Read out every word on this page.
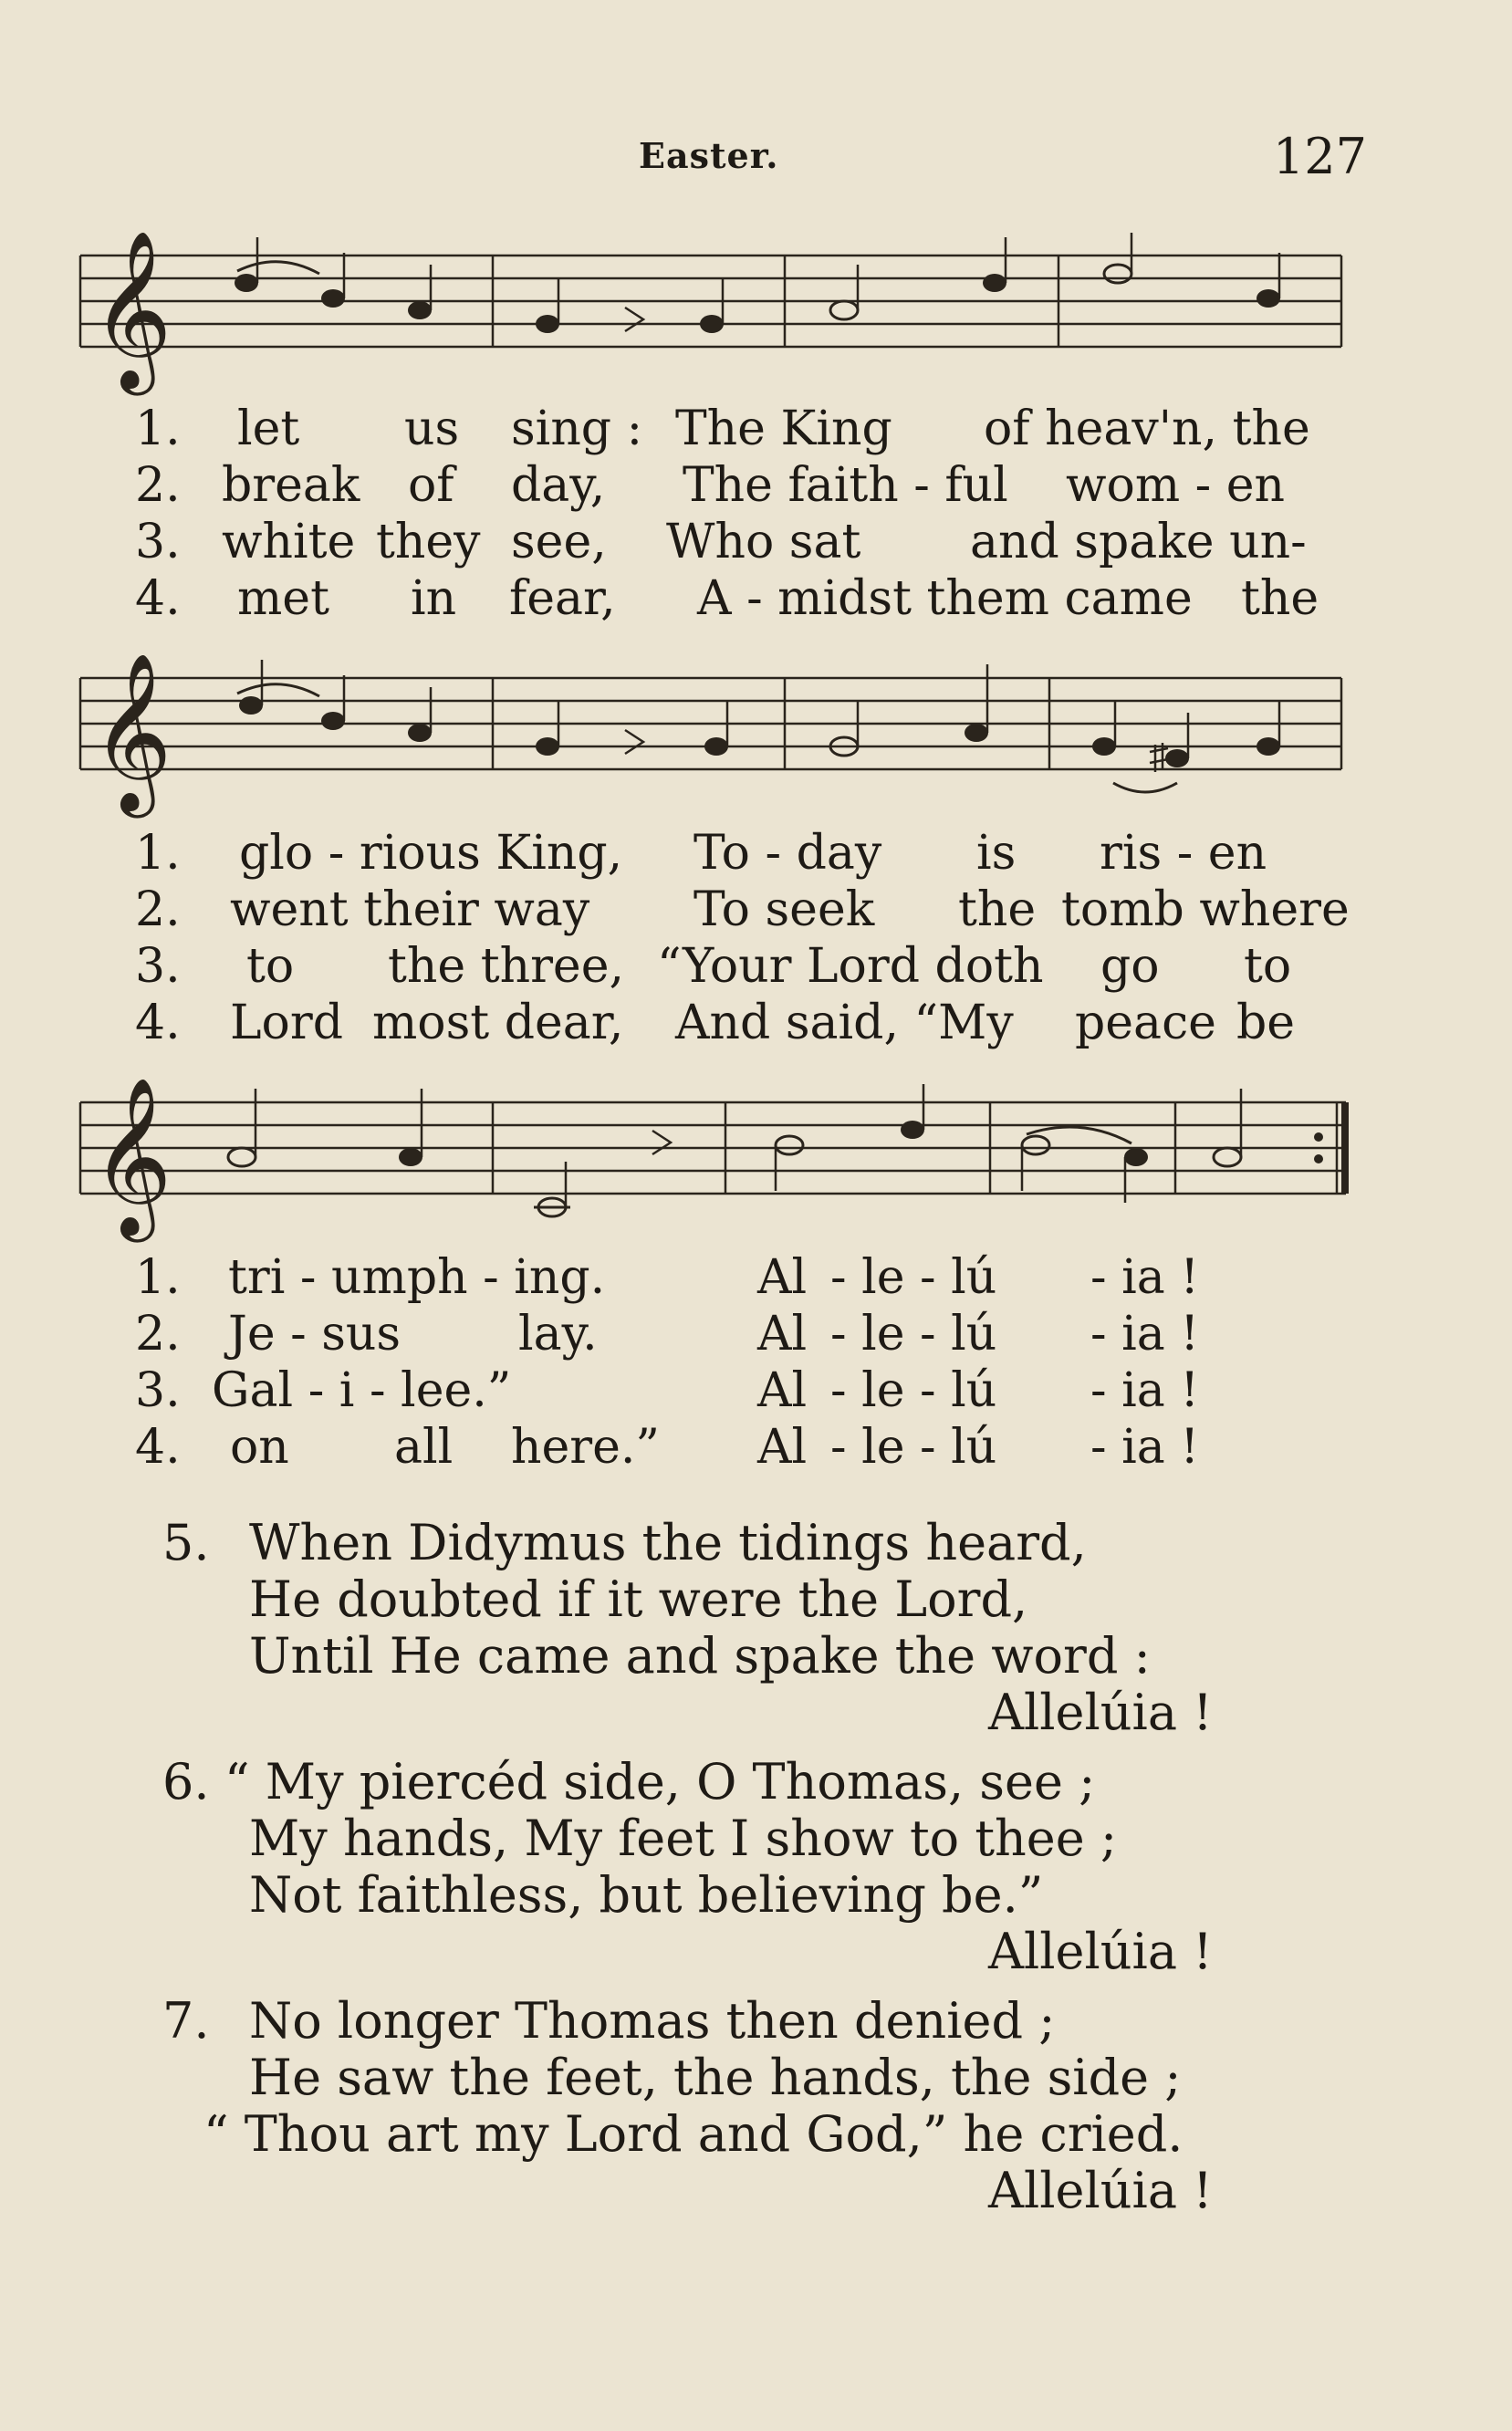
Easter.	127
𝄞
1. let us sing : The King of heav'n, the
2. break of day, The faith - ful wom - en
3. white they see, Who sat and spake un-
4. met in fear, A - midst them came the
𝄞
1. glo - rious King, To - day is ris - en
2. went their way To seek the tomb where
3. to the three, “Your Lord doth go to
4. Lord most dear, And said, “My peace be
𝄞
1. tri - umph - ing.	Al - le - lú - ia !
2. Je - sus lay.	Al - le - lú - ia !
3. Gal - i - lee.”	Al - le - lú - ia !
4. on all here.” Al - le - lú - ia !
5. When Didymus the tidings heard,
He doubted if it were the Lord,
Until He came and spake the word :
Allelúia !
6. “ My piercéd side, O Thomas, see ;
My hands, My feet I show to thee ;
Not faithless, but believing be.”
Allelúia !
7. No longer Thomas then denied ;
He saw the feet, the hands, the side ;
“ Thou art my Lord and God,” he cried.
Allelúia !
